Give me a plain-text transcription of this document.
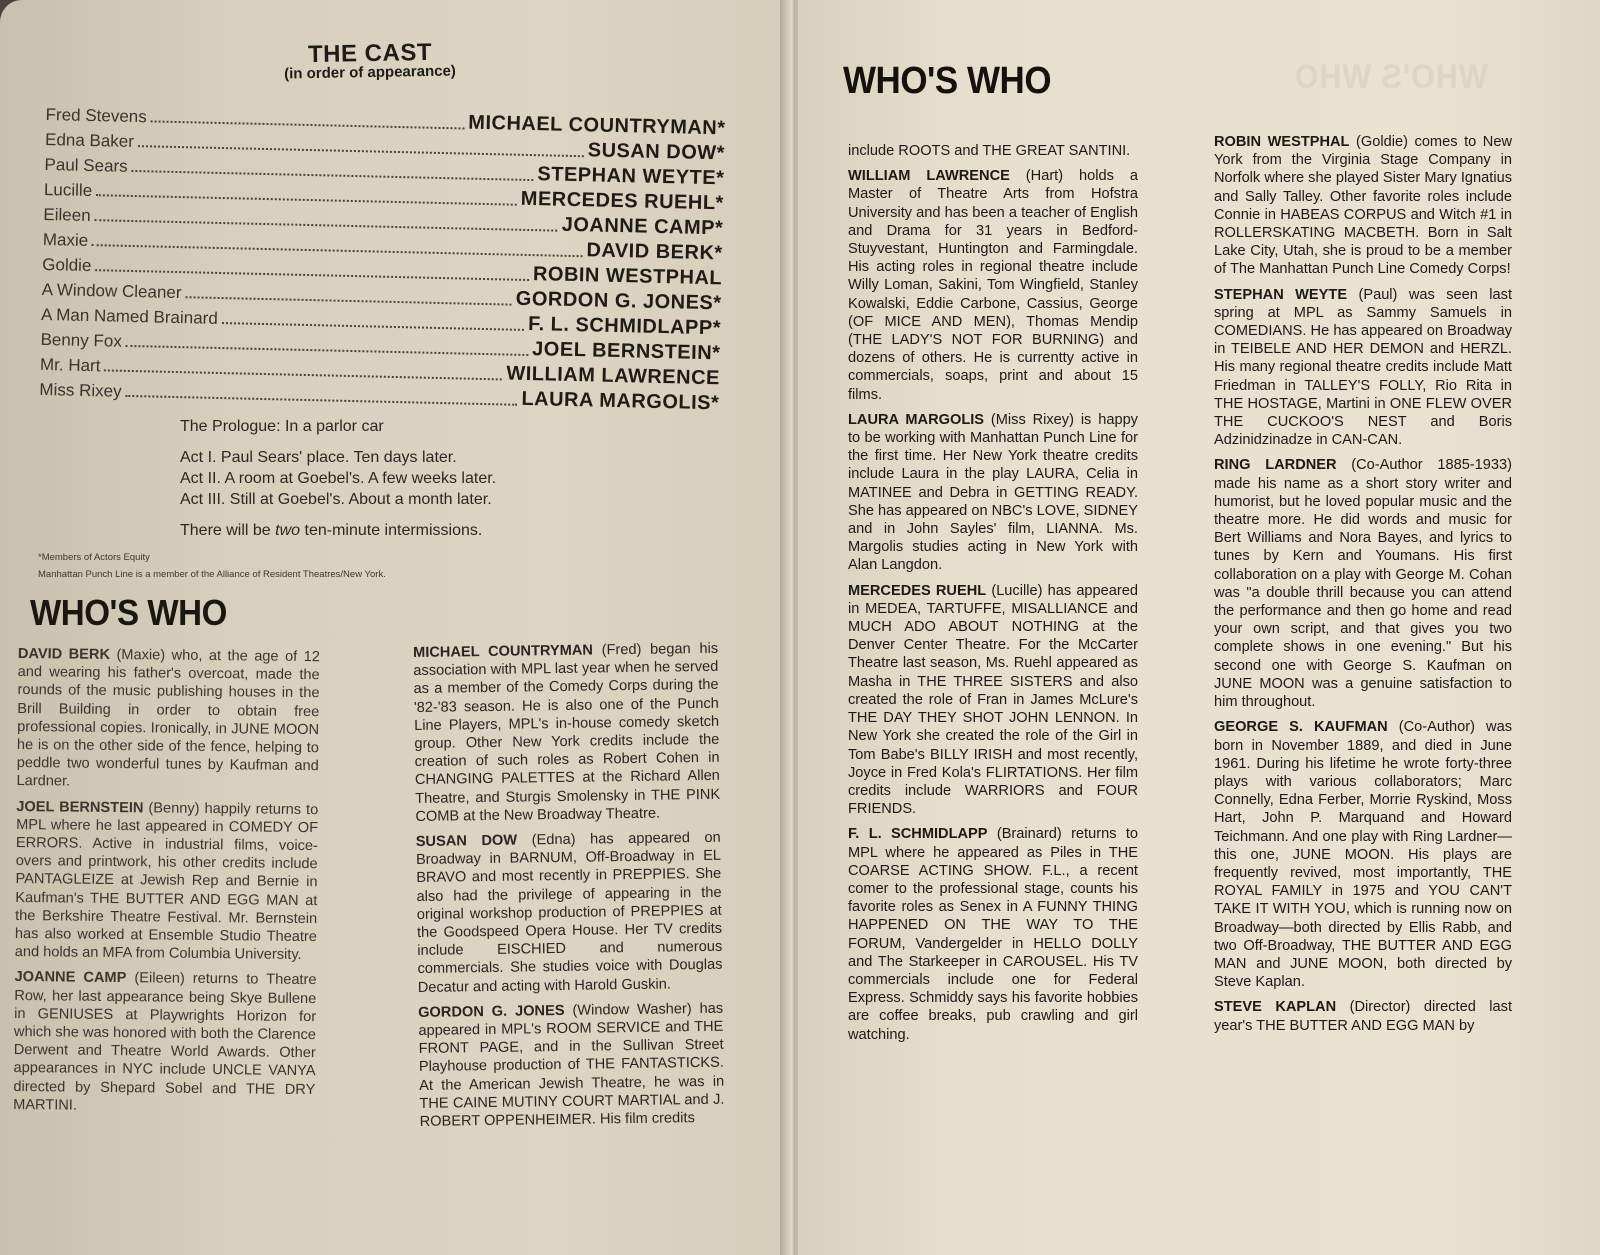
THE CAST
(in order of appearance)
Fred Stevens	MICHAEL COUNTRYMAN*
Edna Baker	SUSAN DOW*
Paul Sears	STEPHAN WEYTE*
Lucille	MERCEDES RUEHL*
Eileen	JOANNE CAMP*
Maxie	DAVID BERK*
Goldie	ROBIN WESTPHAL
A Window Cleaner	GORDON G. JONES*
A Man Named Brainard	F. L. SCHMIDLAPP*
Benny Fox	JOEL BERNSTEIN*
Mr. Hart	WILLIAM LAWRENCE
Miss Rixey	LAURA MARGOLIS*
The Prologue: In a parlor car
Act I. Paul Sears' place. Ten days later.
Act II. A room at Goebel's. A few weeks later.
Act III. Still at Goebel's. About a month later.
There will be two ten-minute intermissions.
*Members of Actors Equity
Manhattan Punch Line is a member of the Alliance of Resident Theatres/New York.
WHO'S WHO

DAVID BERK (Maxie) who, at the age of 12 and wearing his father's overcoat, made the rounds of the music publishing houses in the Brill Building in order to obtain free professional copies. Ironically, in JUNE MOON he is on the other side of the fence, helping to peddle two wonderful tunes by Kaufman and Lardner.

JOEL BERNSTEIN (Benny) happily returns to MPL where he last appeared in COMEDY OF ERRORS. Active in industrial films, voice-overs and printwork, his other credits include PANTAGLEIZE at Jewish Rep and Bernie in Kaufman's THE BUTTER AND EGG MAN at the Berkshire Theatre Festival. Mr. Bernstein has also worked at Ensemble Studio Theatre and holds an MFA from Columbia University.

JOANNE CAMP (Eileen) returns to Theatre Row, her last appearance being Skye Bullene in GENIUSES at Playwrights Horizon for which she was honored with both the Clarence Derwent and Theatre World Awards. Other appearances in NYC include UNCLE VANYA directed by Shepard Sobel and THE DRY MARTINI.

MICHAEL COUNTRYMAN (Fred) began his association with MPL last year when he served as a member of the Comedy Corps during the '82-'83 season. He is also one of the Punch Line Players, MPL's in-house comedy sketch group. Other New York credits include the creation of such roles as Robert Cohen in CHANGING PALETTES at the Richard Allen Theatre, and Sturgis Smolensky in THE PINK COMB at the New Broadway Theatre.

SUSAN DOW (Edna) has appeared on Broadway in BARNUM, Off-Broadway in EL BRAVO and most recently in PREPPIES. She also had the privilege of appearing in the original workshop production of PREPPIES at the Goodspeed Opera House. Her TV credits include EISCHIED and numerous commercials. She studies voice with Douglas Decatur and acting with Harold Guskin.

GORDON G. JONES (Window Washer) has appeared in MPL's ROOM SERVICE and THE FRONT PAGE, and in the Sullivan Street Playhouse production of THE FANTASTICKS. At the American Jewish Theatre, he was in THE CAINE MUTINY COURT MARTIAL and J. ROBERT OPPENHEIMER. His film credits

WHO'S WHO
WHO'S WHO

include ROOTS and THE GREAT SANTINI.

WILLIAM LAWRENCE (Hart) holds a Master of Theatre Arts from Hofstra University and has been a teacher of English and Drama for 31 years in Bedford-Stuyvestant, Huntington and Farmingdale. His acting roles in regional theatre include Willy Loman, Sakini, Tom Wingfield, Stanley Kowalski, Eddie Carbone, Cassius, George (OF MICE AND MEN), Thomas Mendip (THE LADY'S NOT FOR BURNING) and dozens of others. He is currentty active in commercials, soaps, print and about 15 films.

LAURA MARGOLIS (Miss Rixey) is happy to be working with Manhattan Punch Line for the first time. Her New York theatre credits include Laura in the play LAURA, Celia in MATINEE and Debra in GETTING READY. She has appeared on NBC's LOVE, SIDNEY and in John Sayles' film, LIANNA. Ms. Margolis studies acting in New York with Alan Langdon.

MERCEDES RUEHL (Lucille) has appeared in MEDEA, TARTUFFE, MISALLIANCE and MUCH ADO ABOUT NOTHING at the Denver Center Theatre. For the McCarter Theatre last season, Ms. Ruehl appeared as Masha in THE THREE SISTERS and also created the role of Fran in James McLure's THE DAY THEY SHOT JOHN LENNON. In New York she created the role of the Girl in Tom Babe's BILLY IRISH and most recently, Joyce in Fred Kola's FLIRTATIONS. Her film credits include WARRIORS and FOUR FRIENDS.

F. L. SCHMIDLAPP (Brainard) returns to MPL where he appeared as Piles in THE COARSE ACTING SHOW. F.L., a recent comer to the professional stage, counts his favorite roles as Senex in A FUNNY THING HAPPENED ON THE WAY TO THE FORUM, Vandergelder in HELLO DOLLY and The Starkeeper in CAROUSEL. His TV commercials include one for Federal Express. Schmiddy says his favorite hobbies are coffee breaks, pub crawling and girl watching.

ROBIN WESTPHAL (Goldie) comes to New York from the Virginia Stage Company in Norfolk where she played Sister Mary Ignatius and Sally Talley. Other favorite roles include Connie in HABEAS CORPUS and Witch #1 in ROLLERSKATING MACBETH. Born in Salt Lake City, Utah, she is proud to be a member of The Manhattan Punch Line Comedy Corps!

STEPHAN WEYTE (Paul) was seen last spring at MPL as Sammy Samuels in COMEDIANS. He has appeared on Broadway in TEIBELE AND HER DEMON and HERZL. His many regional theatre credits include Matt Friedman in TALLEY'S FOLLY, Rio Rita in THE HOSTAGE, Martini in ONE FLEW OVER THE CUCKOO'S NEST and Boris Adzinidzinadze in CAN-CAN.

RING LARDNER (Co-Author 1885-1933) made his name as a short story writer and humorist, but he loved popular music and the theatre more. He did words and music for Bert Williams and Nora Bayes, and lyrics to tunes by Kern and Youmans. His first collaboration on a play with George M. Cohan was "a double thrill because you can attend the performance and then go home and read your own script, and that gives you two complete shows in one evening." But his second one with George S. Kaufman on JUNE MOON was a genuine satisfaction to him throughout.

GEORGE S. KAUFMAN (Co-Author) was born in November 1889, and died in June 1961. During his lifetime he wrote forty-three plays with various collaborators; Marc Connelly, Edna Ferber, Morrie Ryskind, Moss Hart, John P. Marquand and Howard Teichmann. And one play with Ring Lardner—this one, JUNE MOON. His plays are frequently revived, most importantly, THE ROYAL FAMILY in 1975 and YOU CAN'T TAKE IT WITH YOU, which is running now on Broadway—both directed by Ellis Rabb, and two Off-Broadway, THE BUTTER AND EGG MAN and JUNE MOON, both directed by Steve Kaplan.

STEVE KAPLAN (Director) directed last year's THE BUTTER AND EGG MAN by
